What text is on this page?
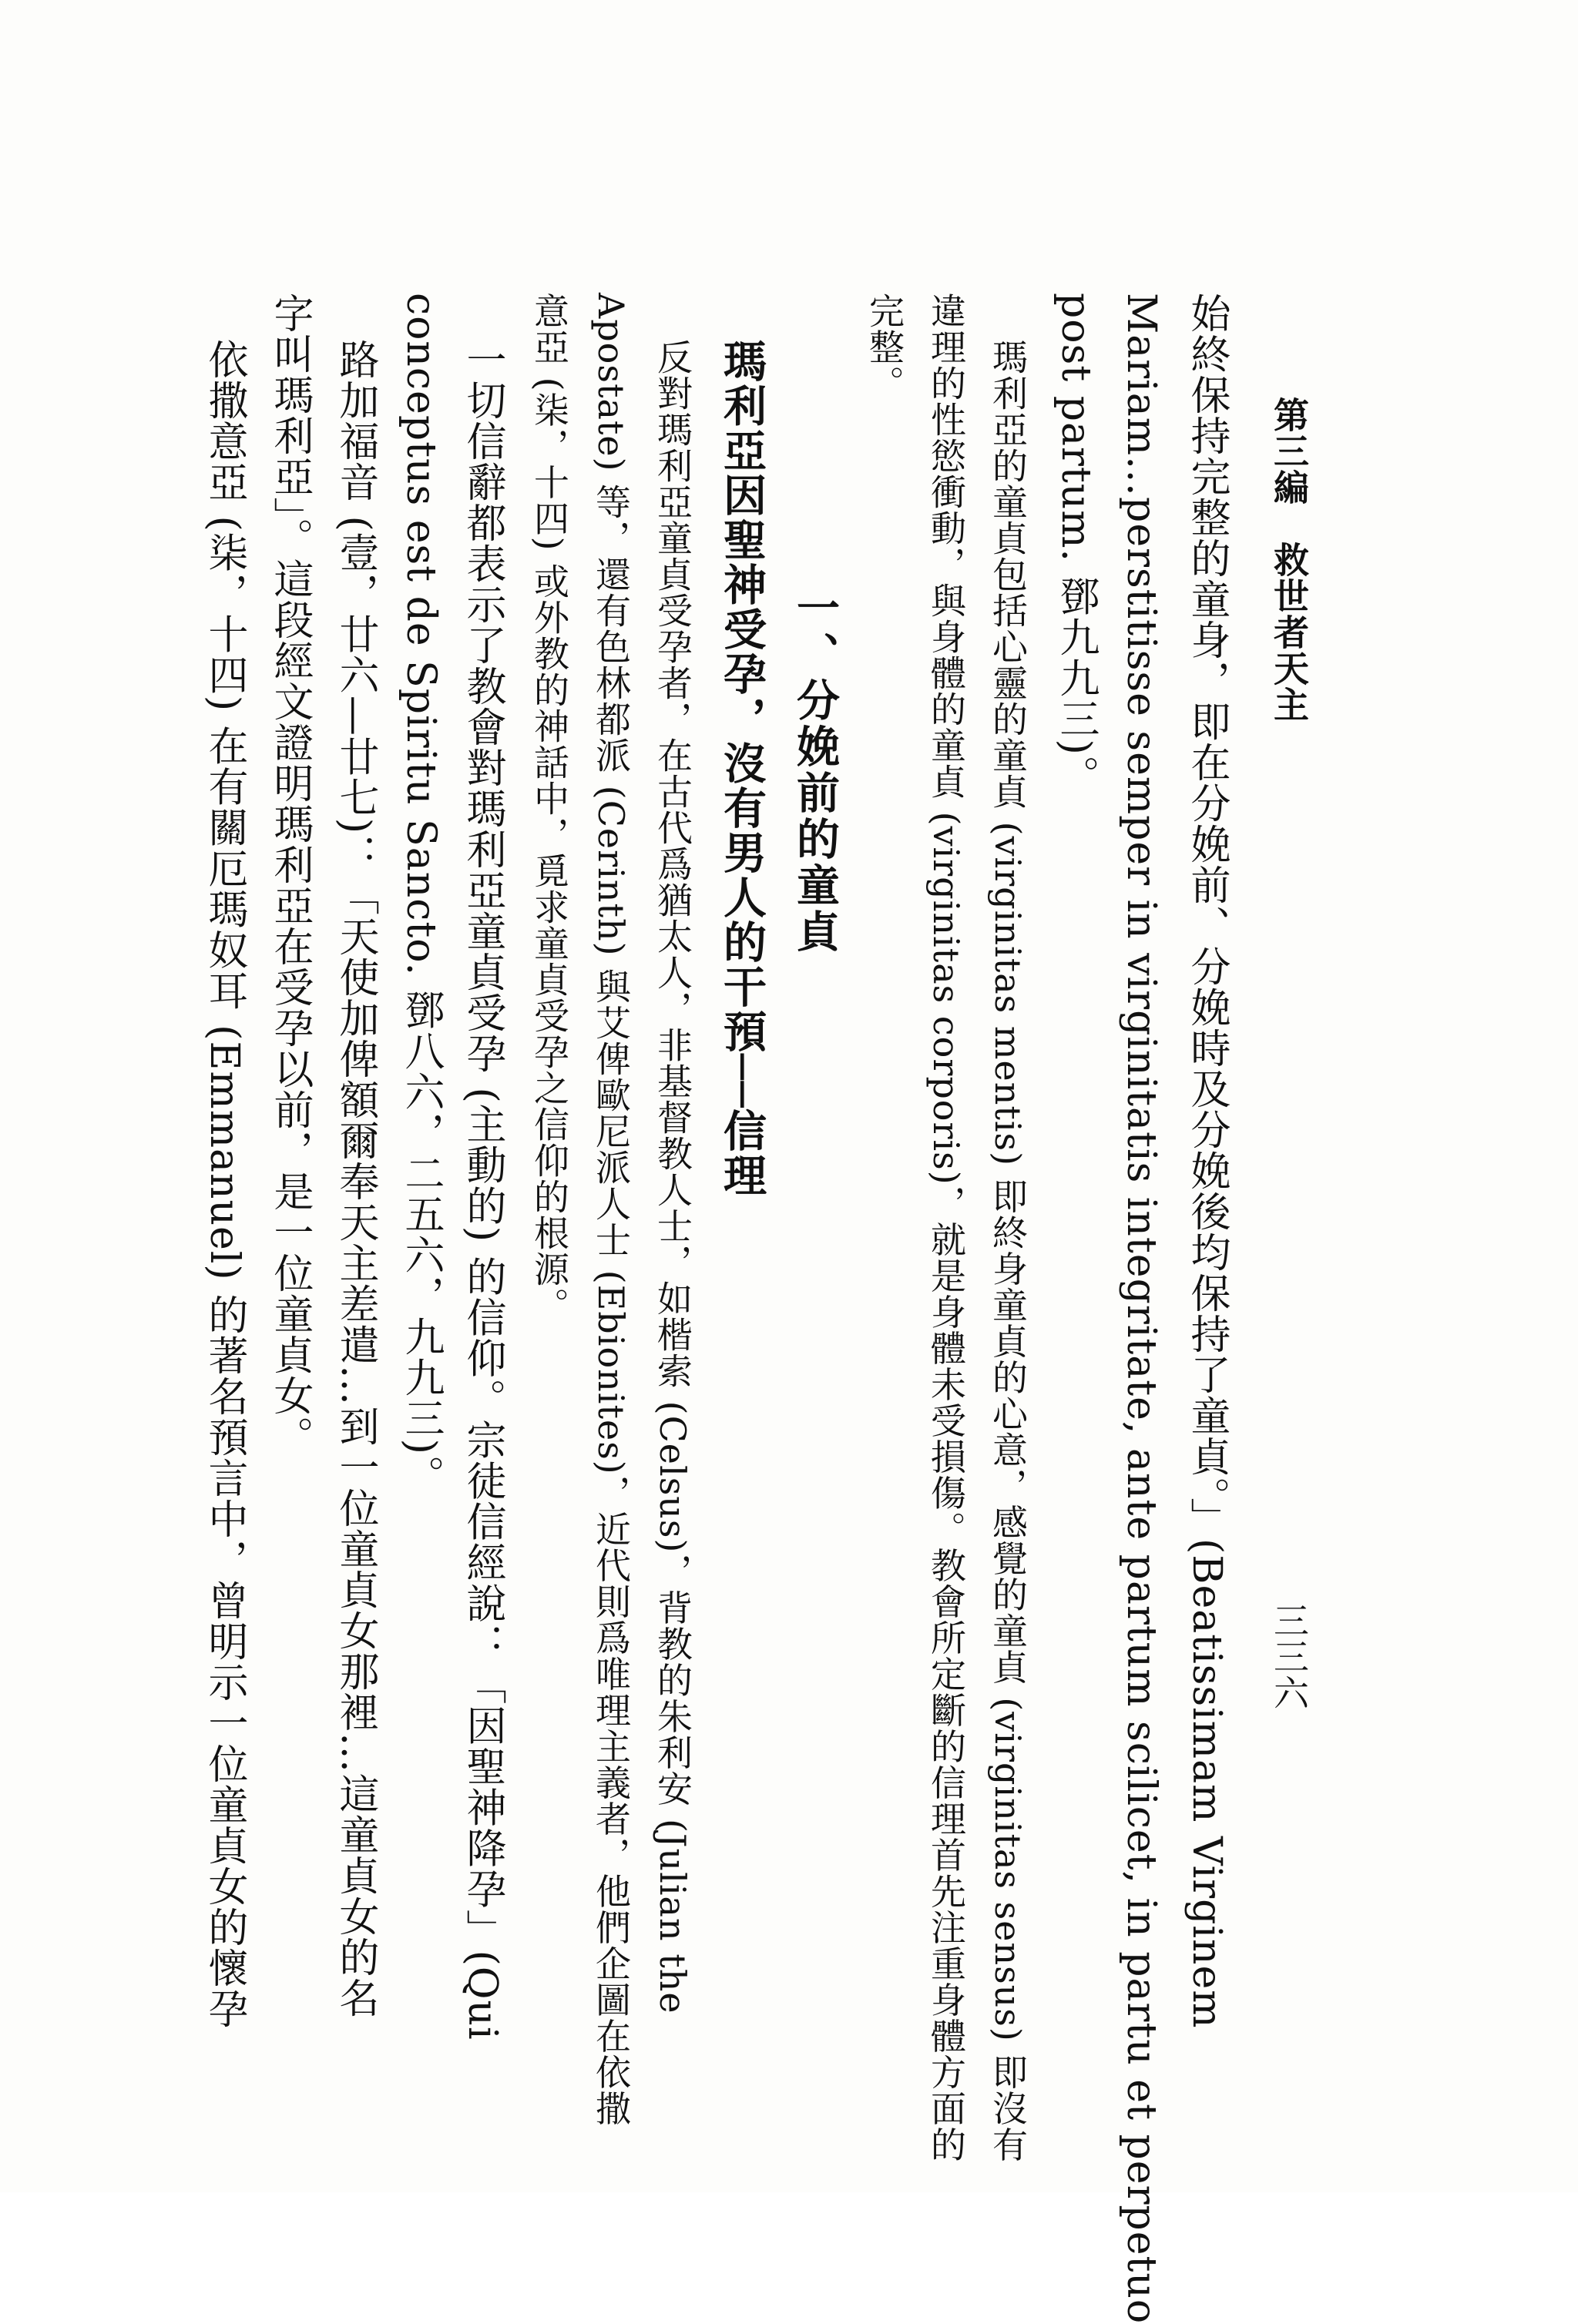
第三編　救世者天主
三三六
始終保持完整的童身，即在分娩前、分娩時及分娩後均保持了童貞。」(Beatissimam Virginem
Mariam…perstitisse semper in virginitatis integritate, ante partum scilicet, in partu et perpetuo
post partum. 鄧九九三)。
瑪利亞的童貞包括心靈的童貞 (virginitas mentis) 即終身童貞的心意，感覺的童貞 (virginitas sensus) 即沒有
違理的性慾衝動，與身體的童貞 (virginitas corporis)，就是身體未受損傷。教會所定斷的信理首先注重身體方面的
完整。
一、分娩前的童貞
瑪利亞因聖神受孕，沒有男人的干預──信理
反對瑪利亞童貞受孕者，在古代爲猶太人，非基督教人士，如楷索 (Celsus)，背教的朱利安 (Julian the
Apostate) 等，還有色林都派 (Cerinth) 與艾俾歐尼派人士 (Ebionites)，近代則爲唯理主義者，他們企圖在依撒
意亞 (柒，十四) 或外教的神話中，覓求童貞受孕之信仰的根源。
一切信辭都表示了教會對瑪利亞童貞受孕 (主動的) 的信仰。宗徒信經說：「因聖神降孕」(Qui
conceptus est de Spiritu Sancto. 鄧八六，二五六，九九三)。
路加福音 (壹，廿六—廿七)：「天使加俾額爾奉天主差遣…到一位童貞女那裡…這童貞女的名
字叫瑪利亞」。這段經文證明瑪利亞在受孕以前，是一位童貞女。
依撒意亞 (柒，十四) 在有關厄瑪奴耳 (Emmanuel) 的著名預言中，曾明示一位童貞女的懷孕
